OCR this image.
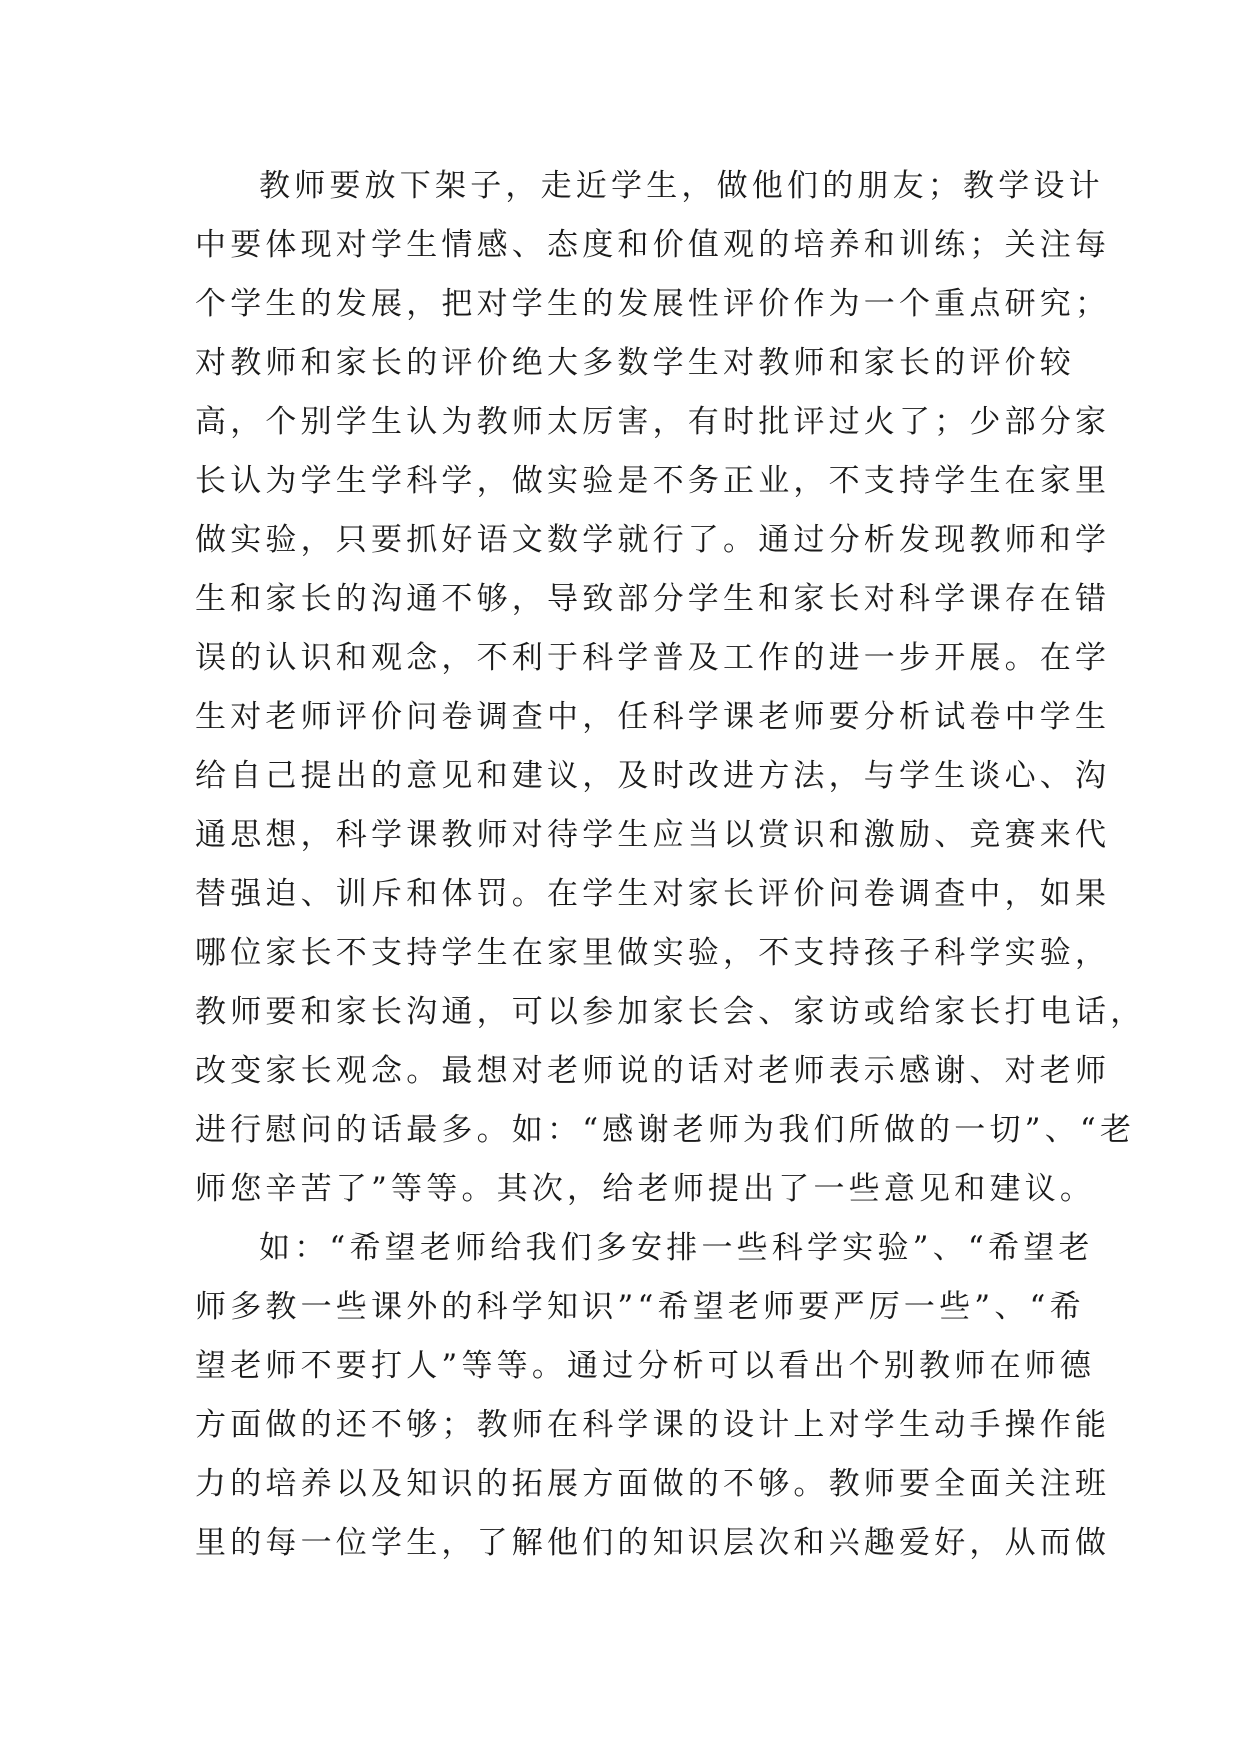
教师要放下架子，走近学生，做他们的朋友；教学设计
中要体现对学生情感、态度和价值观的培养和训练；关注每
个学生的发展，把对学生的发展性评价作为一个重点研究；
对教师和家长的评价绝大多数学生对教师和家长的评价较
高，个别学生认为教师太厉害，有时批评过火了；少部分家
长认为学生学科学，做实验是不务正业，不支持学生在家里
做实验，只要抓好语文数学就行了。通过分析发现教师和学
生和家长的沟通不够，导致部分学生和家长对科学课存在错
误的认识和观念，不利于科学普及工作的进一步开展。在学
生对老师评价问卷调查中，任科学课老师要分析试卷中学生
给自己提出的意见和建议，及时改进方法，与学生谈心、沟
通思想，科学课教师对待学生应当以赏识和激励、竞赛来代
替强迫、训斥和体罚。在学生对家长评价问卷调查中，如果
哪位家长不支持学生在家里做实验，不支持孩子科学实验，
教师要和家长沟通，可以参加家长会、家访或给家长打电话，
改变家长观念。最想对老师说的话对老师表示感谢、对老师
进行慰问的话最多。如：“感谢老师为我们所做的一切”、“老
师您辛苦了”等等。其次，给老师提出了一些意见和建议。
如：“希望老师给我们多安排一些科学实验”、“希望老
师多教一些课外的科学知识”“希望老师要严厉一些”、“希
望老师不要打人”等等。通过分析可以看出个别教师在师德
方面做的还不够；教师在科学课的设计上对学生动手操作能
力的培养以及知识的拓展方面做的不够。教师要全面关注班
里的每一位学生，了解他们的知识层次和兴趣爱好，从而做
